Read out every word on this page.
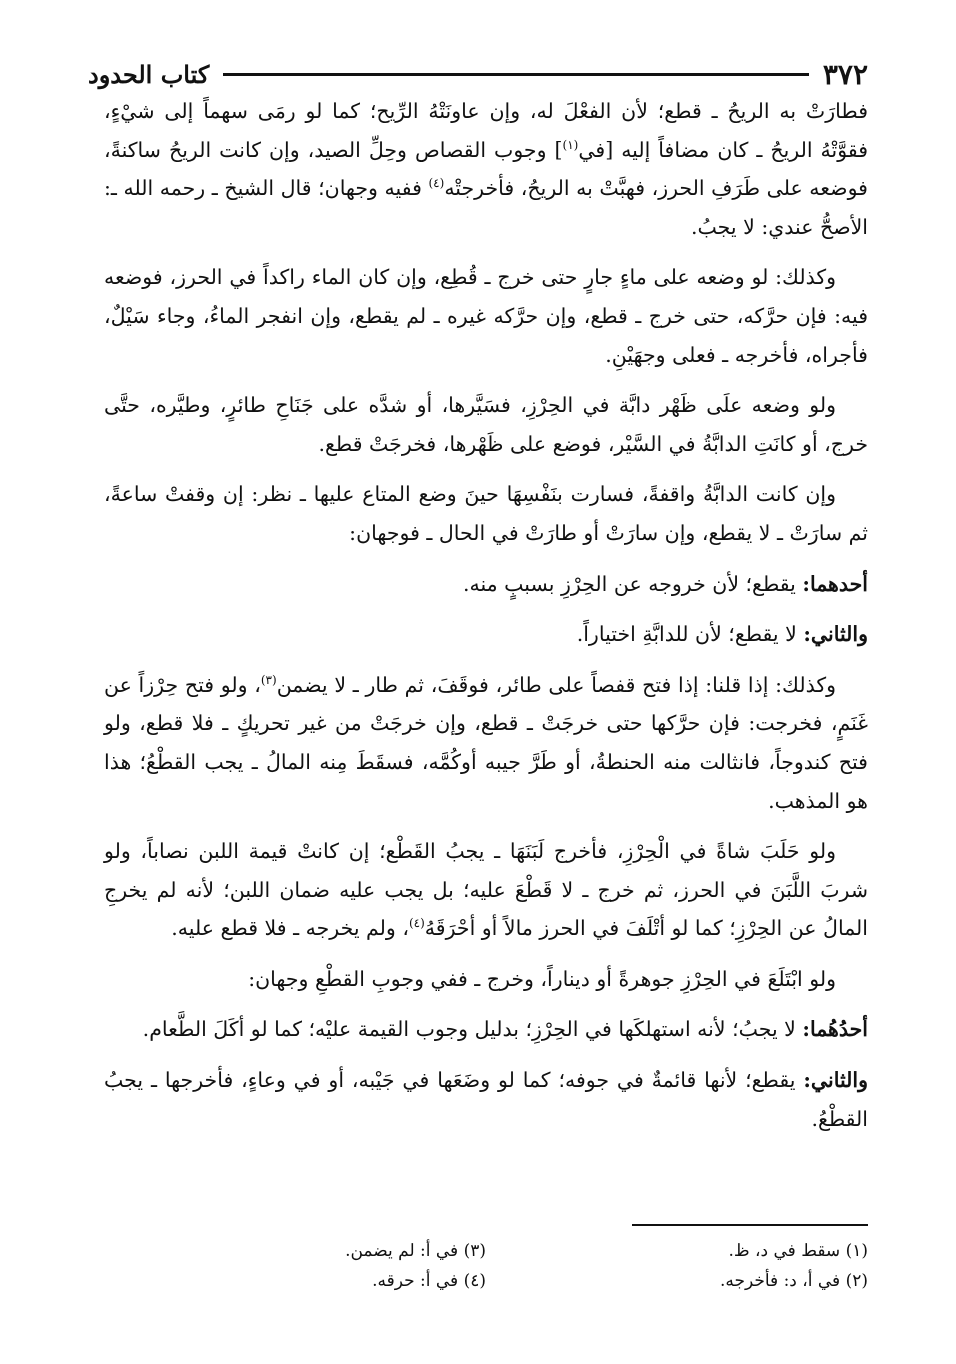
٣٧٢
كتاب الحدود

فطارَتْ به الريحُ ـ قطع؛ لأن الفعْلَ له، وإن عاونَتْهُ الرِّيح؛ كما لو رمَى سهماً إلى شيْءٍ، فقوَّتْهُ الريحُ ـ كان مضافاً إليه [في$^{(١)}$] وجوب القصاص وحِلِّ الصيد، وإن كانت الريحُ ساكنةً، فوضعه على طَرَفِ الحرز، فهبَّتْ به الريحُ، فأخرجتْه$^{(٤)}$ ففيه وجهان؛ قال الشيخ ـ رحمه الله ـ: الأصحُّ عندي: لا يجبُ.

وكذلك: لو وضعه على ماءٍ جارٍ حتى خرج ـ قُطِع، وإن كان الماء راكداً في الحرز، فوضعه فيه: فإن حرَّكه، حتى خرج ـ قطع، وإن حرَّكه غيره ـ لم يقطع، وإن انفجر الماءُ، وجاء سَيْلٌ، فأجراه، فأخرجه ـ فعلى وجهَيْنِ.

ولو وضعه علَى ظَهْر دابَّة في الحِرْزِ، فسَيَّرها، أو شدَّه على جَنَاحِ طائرٍ، وطيَّره، حتَّى خرج، أو كانَتِ الدابَّةُ في السَّيْر، فوضع على ظَهْرها، فخرجَتْ قطع.

وإن كانت الدابَّةُ واقفةً، فسارت بنَفْسِهَا حينَ وضع المتاع عليها ـ نظر: إن وقفتْ ساعةً، ثم سارَتْ ـ لا يقطع، وإن سارَتْ أو طارَتْ في الحال ـ فوجهان:

أحدهما: يقطع؛ لأن خروجه عن الحِرْزِ بسببٍ منه.

والثاني: لا يقطع؛ لأن للدابَّةِ اختياراً.

وكذلك: إذا قلنا: إذا فتح قفصاً على طائر، فوقَفَ، ثم طار ـ لا يضمن$^{(٣)}$، ولو فتح حِرْزاً عن غَنَمٍ، فخرجت: فإن حرَّكها حتى خرجَتْ ـ قطع، وإن خرجَتْ من غير تحريكٍ ـ فلا قطع، ولو فتح كندوجاً، فانثالت منه الحنطةُ، أو طَرَّ جيبه أوكُمَّه، فسقَطَ مِنه المالُ ـ يجب القطْعُ؛ هذا هو المذهب.

ولو حَلَبَ شاةً في الْحِرْزِ، فأخرج لَبَنَهَا ـ يجبُ القَطْع؛ إن كانتْ قيمة اللبن نصاباً، ولو شربَ اللَّبَنَ في الحرز، ثم خرج ـ لا قَطْعَ عليه؛ بل يجب عليه ضمان اللبن؛ لأنه لم يخرجِ المالُ عن الحِرْزِ؛ كما لو أتْلَفَ في الحرز مالاً أو أحْرَقَهُ$^{(٤)}$، ولم يخرجه ـ فلا قطع عليه.

ولو ابْتَلَعَ في الحِرْزِ جوهرةً أو ديناراً، وخرج ـ ففي وجوبِ القطْعِ وجهان:

أحدُهُما: لا يجبُ؛ لأنه استهلكَها في الحِرْزِ؛ بدليل وجوب القيمة عليْه؛ كما لو أكَلَ الطَّعام.

والثاني: يقطع؛ لأنها قائمةٌ في جوفه؛ كما لو وضَعَها في جَيْبه، أو في وعاءٍ، فأخرجها ـ يجبُ القطْعُ.

(١) سقط في د، ظ.
(٢) في أ، د: فأخرجه.
(٣) في أ: لم يضمن.
(٤) في أ: حرقه.
